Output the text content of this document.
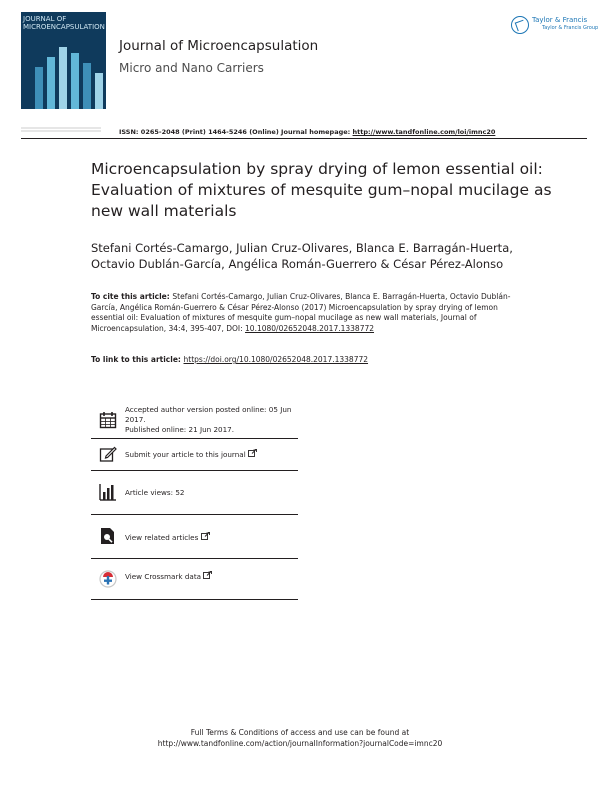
JOURNAL OF
MICROENCAPSULATION
Journal of Microencapsulation
Micro and Nano Carriers
Taylor & Francis
Taylor & Francis Group
ISSN: 0265-2048 (Print) 1464-5246 (Online) Journal homepage: http://www.tandfonline.com/loi/imnc20
Microencapsulation by spray drying of lemon essential oil: Evaluation of mixtures of mesquite gum–nopal mucilage as new wall materials
Stefani Cortés-Camargo, Julian Cruz-Olivares, Blanca E. Barragán-Huerta,
Octavio Dublán-García, Angélica Román-Guerrero & César Pérez-Alonso
To cite this article: Stefani Cortés-Camargo, Julian Cruz-Olivares, Blanca E. Barragán-Huerta, Octavio Dublán-García, Angélica Román-Guerrero & César Pérez-Alonso (2017) Microencapsulation by spray drying of lemon essential oil: Evaluation of mixtures of mesquite gum–nopal mucilage as new wall materials, Journal of Microencapsulation, 34:4, 395-407, DOI: 10.1080/02652048.2017.1338772
To link to this article: https://doi.org/10.1080/02652048.2017.1338772
Accepted author version posted online: 05 Jun 2017.
Published online: 21 Jun 2017.
Submit your article to this journal
Article views: 52
View related articles
View Crossmark data
Full Terms & Conditions of access and use can be found at
http://www.tandfonline.com/action/journalInformation?journalCode=imnc20
